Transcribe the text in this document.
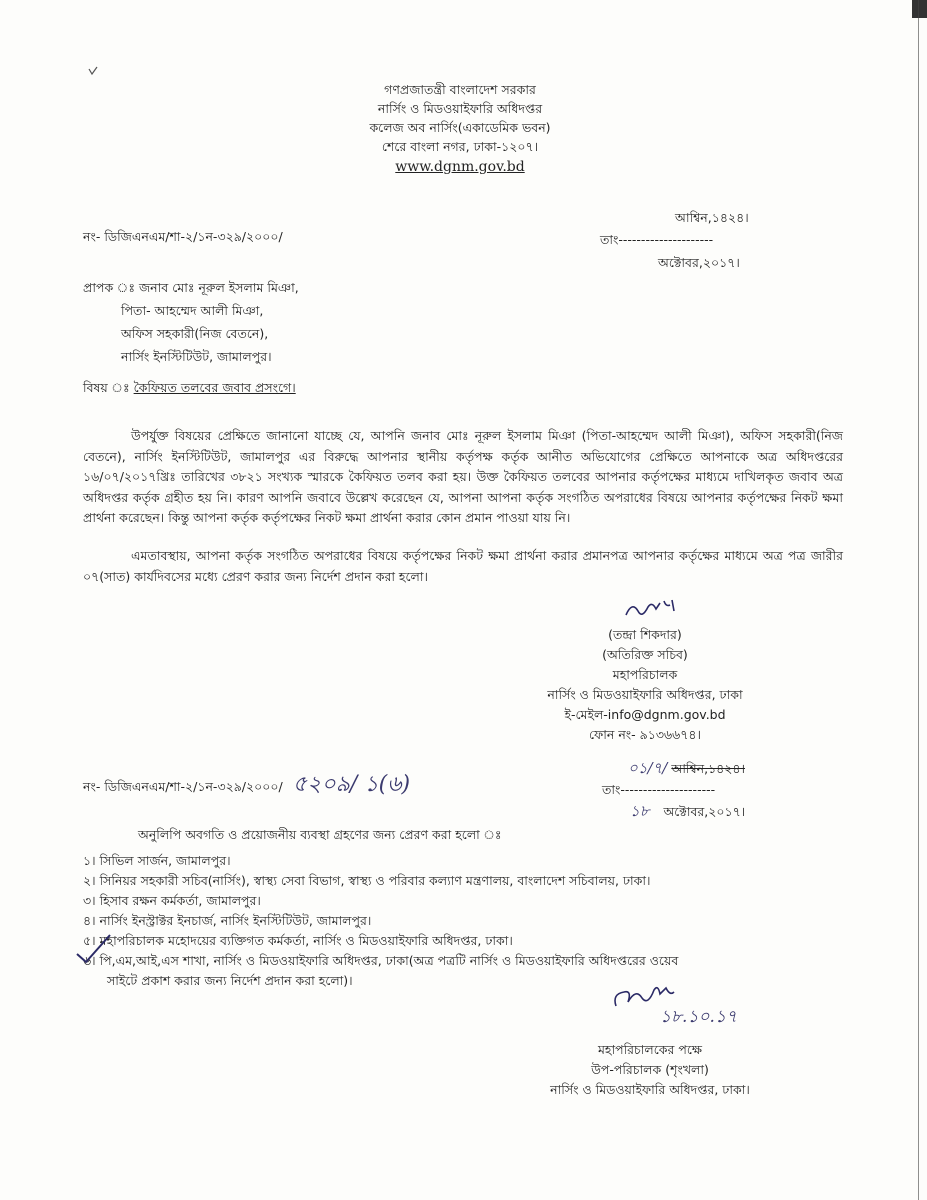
গণপ্রজাতন্ত্রী বাংলাদেশ সরকার
নার্সিং ও মিডওয়াইফারি অধিদপ্তর
কলেজ অব নার্সিং(একাডেমিক ভবন)
শেরে বাংলা নগর, ঢাকা-১২০৭।
www.dgnm.gov.bd
নং- ডিজিএনএম/শা-২/১ন-৩২৯/২০০০/
আশ্বিন,১৪২৪।
তাং---------------------
অক্টোবর,২০১৭।
প্রাপক ঃ জনাব মোঃ নূরুল ইসলাম মিঞা,
পিতা- আহম্মেদ আলী মিঞা,
অফিস সহকারী(নিজ বেতনে),
নার্সিং ইনস্টিটিউট, জামালপুর।
বিষয় ঃ কৈফিয়ত তলবের জবাব প্রসংগে।
উপর্যুক্ত বিষয়ের প্রেক্ষিতে জানানো যাচ্ছে যে, আপনি জনাব মোঃ নূরুল ইসলাম মিঞা (পিতা-আহম্মেদ আলী মিঞা), অফিস সহকারী(নিজ বেতনে), নার্সিং ইনস্টিটিউট, জামালপুর এর বিরুদ্ধে আপনার স্থানীয় কর্তৃপক্ষ কর্তৃক আনীত অভিযোগের প্রেক্ষিতে আপনাকে অত্র অধিদপ্তরের ১৬/০৭/২০১৭খ্রিঃ তারিখের ৩৮২১ সংখ্যক স্মারকে কৈফিয়ত তলব করা হয়। উক্ত কৈফিয়ত তলবের আপনার কর্তৃপক্ষের মাধ্যমে দাখিলকৃত জবাব অত্র অধিদপ্তর কর্তৃক গ্রহীত হয় নি। কারণ আপনি জবাবে উল্লেখ করেছেন যে, আপনা আপনা কর্তৃক সংগঠিত অপরাধের বিষয়ে আপনার কর্তৃপক্ষের নিকট ক্ষমা প্রার্থনা করেছেন। কিন্তু আপনা কর্তৃক কর্তৃপক্ষের নিকট ক্ষমা প্রার্থনা করার কোন প্রমান পাওয়া যায় নি।
এমতাবস্থায়, আপনা কর্তৃক সংগঠিত অপরাধের বিষয়ে কর্তৃপক্ষের নিকট ক্ষমা প্রার্থনা করার প্রমানপত্র আপনার কর্তৃক্ষের মাধ্যমে অত্র পত্র জারীর ০৭(সাত) কার্যদিবসের মধ্যে প্রেরণ করার জন্য নির্দেশ প্রদান করা হলো।
(তন্দ্রা শিকদার)
(অতিরিক্ত সচিব)
মহাপরিচালক
নার্সিং ও মিডওয়াইফারি অধিদপ্তর, ঢাকা
ই-মেইল-info@dgnm.gov.bd
ফোন নং- ৯১৩৬৬৭৪।
নং- ডিজিএনএম/শা-২/১ন-৩২৯/২০০০/ ৫২০৯/ ১(৬)
০১/৭/ আশ্বিন,১৪২৪।
তাং---------------------
১৮ অক্টোবর,২০১৭।
অনুলিপি অবগতি ও প্রয়োজনীয় ব্যবস্থা গ্রহণের জন্য প্রেরণ করা হলো ঃ
১। সিভিল সার্জন, জামালপুর।
২। সিনিয়র সহকারী সচিব(নার্সিং), স্বাস্থ্য সেবা বিভাগ, স্বাস্থ্য ও পরিবার কল্যাণ মন্ত্রণালয়, বাংলাদেশ সচিবালয়, ঢাকা।
৩। হিসাব রক্ষন কর্মকর্তা, জামালপুর।
৪। নার্সিং ইনস্ট্রাক্টর ইনচার্জ, নার্সিং ইনস্টিটিউট, জামালপুর।
৫। মহাপরিচালক মহোদয়ের ব্যক্তিগত কর্মকর্তা, নার্সিং ও মিডওয়াইফারি অধিদপ্তর, ঢাকা।
৬। পি,এম,আই,এস শাখা, নার্সিং ও মিডওয়াইফারি অধিদপ্তর, ঢাকা(অত্র পত্রটি নার্সিং ও মিডওয়াইফারি অধিদপ্তরের ওয়েব
সাইটে প্রকাশ করার জন্য নির্দেশ প্রদান করা হলো)।
১৮.১০.১৭
মহাপরিচালকের পক্ষে
উপ-পরিচালক (শৃংখলা)
নার্সিং ও মিডওয়াইফারি অধিদপ্তর, ঢাকা।
